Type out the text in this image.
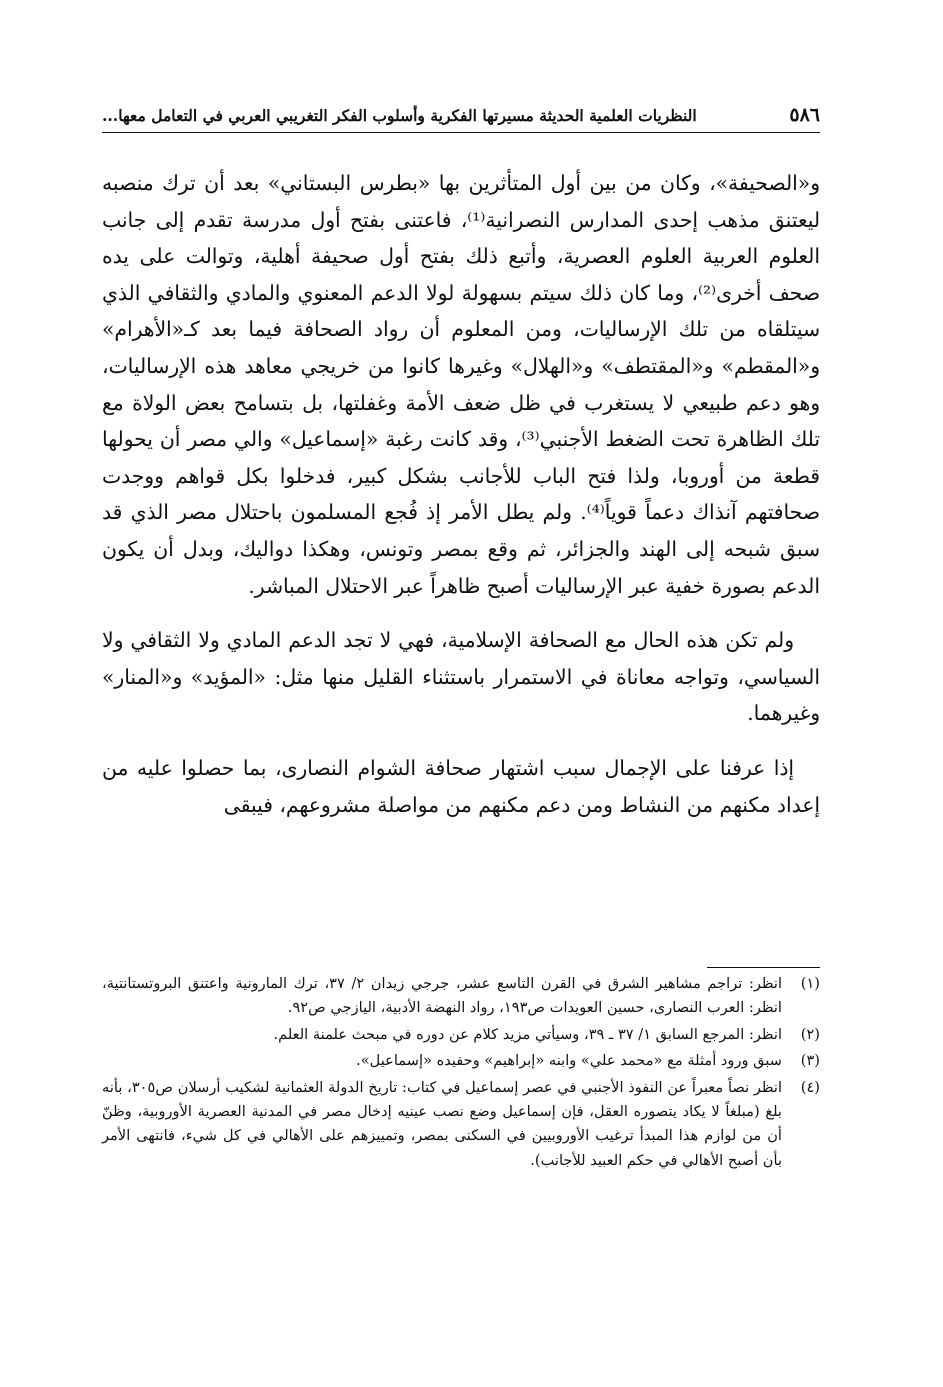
٥٨٦
النظريات العلمية الحديثة مسيرتها الفكرية وأسلوب الفكر التغريبي العربي في التعامل معها...

و«الصحيفة»، وكان من بين أول المتأثرين بها «بطرس البستاني» بعد أن ترك منصبه ليعتنق مذهب إحدى المدارس النصرانية⁽¹⁾، فاعتنى بفتح أول مدرسة تقدم إلى جانب العلوم العربية العلوم العصرية، وأتبع ذلك بفتح أول صحيفة أهلية، وتوالت على يده صحف أخرى⁽²⁾، وما كان ذلك سيتم بسهولة لولا الدعم المعنوي والمادي والثقافي الذي سيتلقاه من تلك الإرساليات، ومن المعلوم أن رواد الصحافة فيما بعد كـ«الأهرام» و«المقطم» و«المقتطف» و«الهلال» وغيرها كانوا من خريجي معاهد هذه الإرساليات، وهو دعم طبيعي لا يستغرب في ظل ضعف الأمة وغفلتها، بل بتسامح بعض الولاة مع تلك الظاهرة تحت الضغط الأجنبي⁽³⁾، وقد كانت رغبة «إسماعيل» والي مصر أن يحولها قطعة من أوروبا، ولذا فتح الباب للأجانب بشكل كبير، فدخلوا بكل قواهم ووجدت صحافتهم آنذاك دعماً قوياً⁽⁴⁾. ولم يطل الأمر إذ فُجع المسلمون باحتلال مصر الذي قد سبق شبحه إلى الهند والجزائر، ثم وقع بمصر وتونس، وهكذا دواليك، وبدل أن يكون الدعم بصورة خفية عبر الإرساليات أصبح ظاهراً عبر الاحتلال المباشر.

ولم تكن هذه الحال مع الصحافة الإسلامية، فهي لا تجد الدعم المادي ولا الثقافي ولا السياسي، وتواجه معاناة في الاستمرار باستثناء القليل منها مثل: «المؤيد» و«المنار» وغيرهما.

إذا عرفنا على الإجمال سبب اشتهار صحافة الشوام النصارى، بما حصلوا عليه من إعداد مكنهم من النشاط ومن دعم مكنهم من مواصلة مشروعهم، فيبقى

(١)
انظر: تراجم مشاهير الشرق في القرن التاسع عشر، جرجي زيدان ٢/ ٣٧، ترك المارونية واعتنق البروتستانتية، انظر: العرب النصارى، حسين العويدات ص١٩٣، رواد النهضة الأدبية، اليازجي ص٩٢.
(٢)
انظر: المرجع السابق ١/ ٣٧ ـ ٣٩، وسيأتي مزيد كلام عن دوره في مبحث علمنة العلم.
(٣)
سبق ورود أمثلة مع «محمد علي» وابنه «إبراهيم» وحفيده «إسماعيل».
(٤)
انظر نصاً معبراً عن النفوذ الأجنبي في عصر إسماعيل في كتاب: تاريخ الدولة العثمانية لشكيب أرسلان ص٣٠٥، بأنه بلغ (مبلغاً لا يكاد يتصوره العقل، فإن إسماعيل وضع نصب عينيه إدخال مصر في المدنية العصرية الأوروبية، وظنّ أن من لوازم هذا المبدأ ترغيب الأوروبيين في السكنى بمصر، وتمييزهم على الأهالي في كل شيء، فانتهى الأمر بأن أصبح الأهالي في حكم العبيد للأجانب).
